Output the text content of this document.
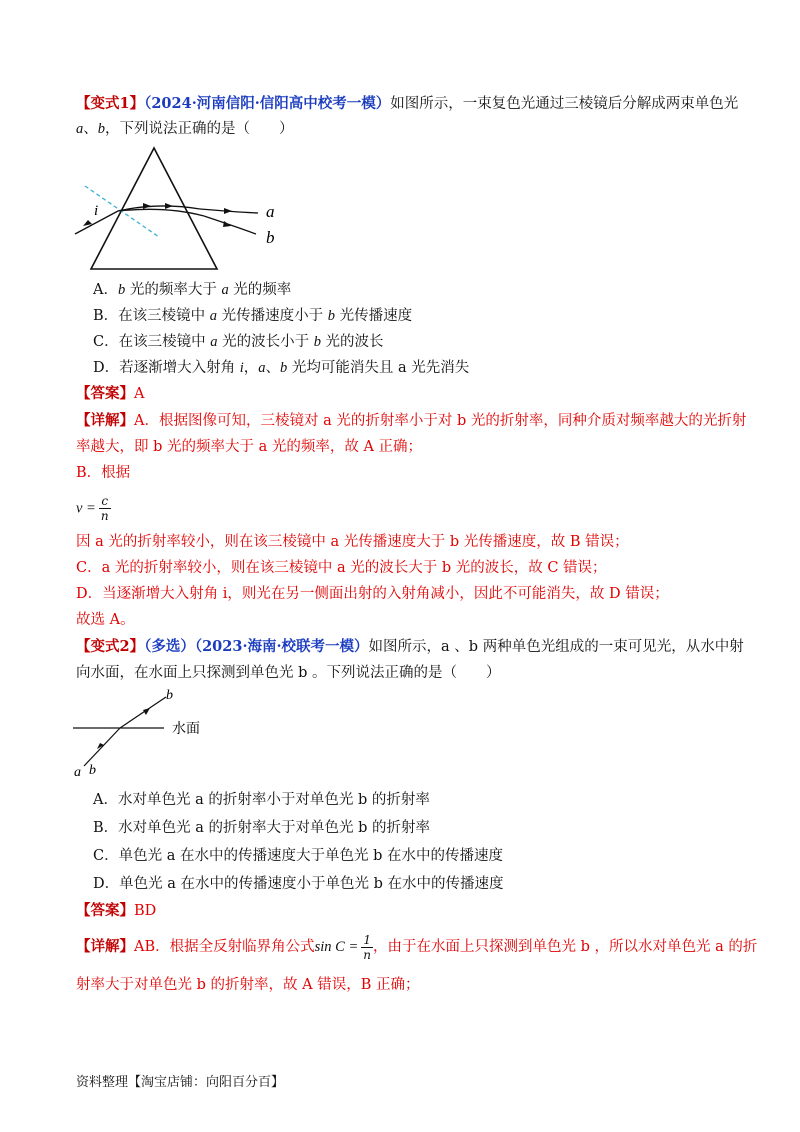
【变式1】（2024·河南信阳·信阳高中校考一模）如图所示，一束复色光通过三棱镜后分解成两束单色光
a、b，下列说法正确的是（　　）
i	a
b
A．b 光的频率大于 a 光的频率
B．在该三棱镜中 a 光传播速度小于 b 光传播速度
C．在该三棱镜中 a 光的波长小于 b 光的波长
D．若逐渐增大入射角 i，a、b 光均可能消失且 a 光先消失
【答案】A
【详解】A．根据图像可知，三棱镜对 a 光的折射率小于对 b 光的折射率，同种介质对频率越大的光折射
率越大，即 b 光的频率大于 a 光的频率，故 A 正确；
B．根据
$v = \frac{c}{n}$
因 a 光的折射率较小，则在该三棱镜中 a 光传播速度大于 b 光传播速度，故 B 错误；
C．a 光的折射率较小，则在该三棱镜中 a 光的波长大于 b 光的波长，故 C 错误；
D．当逐渐增大入射角 i，则光在另一侧面出射的入射角减小，因此不可能消失，故 D 错误；
故选 A。
【变式2】（多选）（2023·海南·校联考一模）如图所示，a 、b 两种单色光组成的一束可见光，从水中射
向水面，在水面上只探测到单色光 b 。下列说法正确的是（　　）
水面
a b
b
A．水对单色光 a 的折射率小于对单色光 b 的折射率
B．水对单色光 a 的折射率大于对单色光 b 的折射率
C．单色光 a 在水中的传播速度大于单色光 b 在水中的传播速度
D．单色光 a 在水中的传播速度小于单色光 b 在水中的传播速度
【答案】BD
【详解】AB．根据全反射临界角公式$\sin C = \frac{1}{n}$ ，由于在水面上只探测到单色光 b ，所以水对单色光 a 的折
射率大于对单色光 b 的折射率，故 A 错误，B 正确；
资料整理【淘宝店铺：向阳百分百】
